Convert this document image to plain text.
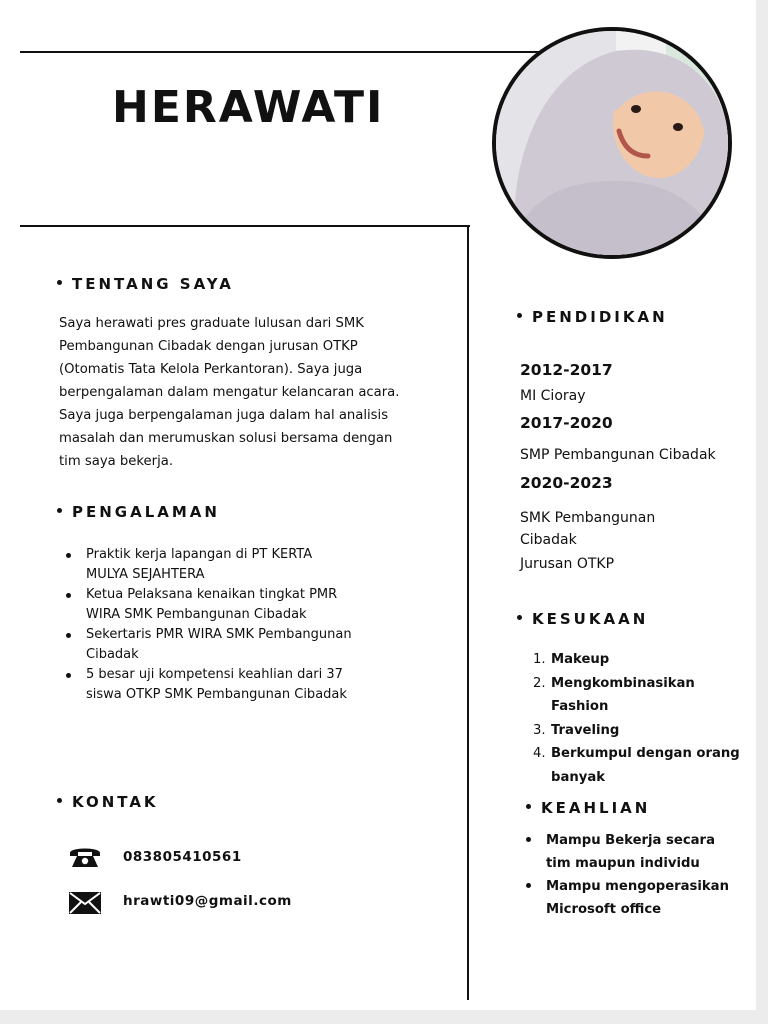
HERAWATI
TENTANG SAYA
Saya herawati pres graduate lulusan dari SMK
Pembangunan Cibadak dengan jurusan OTKP
(Otomatis Tata Kelola Perkantoran). Saya juga
berpengalaman dalam mengatur kelancaran acara.
Saya juga berpengalaman juga dalam hal analisis
masalah dan merumuskan solusi bersama dengan
tim saya bekerja.
PENGALAMAN
Praktik kerja lapangan di PT KERTA
MULYA SEJAHTERA
Ketua Pelaksana kenaikan tingkat PMR
WIRA SMK Pembangunan Cibadak
Sekertaris PMR WIRA SMK Pembangunan
Cibadak
5 besar uji kompetensi keahlian dari 37
siswa OTKP SMK Pembangunan Cibadak
KONTAK
083805410561
hrawti09@gmail.com
PENDIDIKAN
2012-2017
MI Cioray
2017-2020
SMP Pembangunan Cibadak
2020-2023
SMK Pembangunan
Cibadak
Jurusan OTKP
KESUKAAN
1. Makeup
2. Mengkombinasikan
Fashion
3. Traveling
4. Berkumpul dengan orang
banyak
KEAHLIAN
Mampu Bekerja secara
tim maupun individu
Mampu mengoperasikan
Microsoft office
